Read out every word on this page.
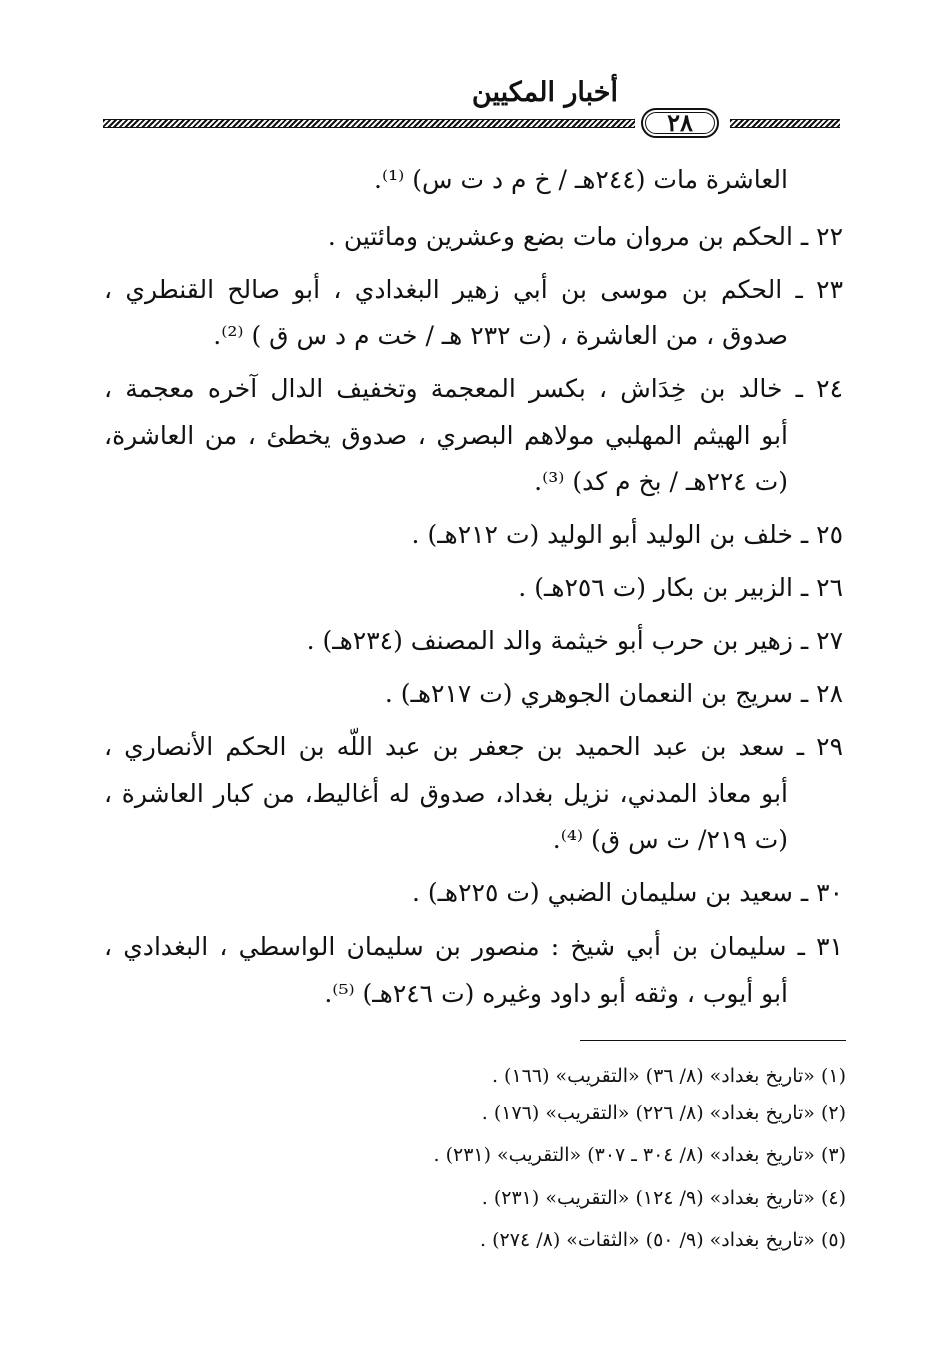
أخبار المكيين
٢٨
العاشرة مات (٢٤٤هـ / خ م د ت س) ⁽¹⁾.
٢٢ ـ الحكم بن مروان مات بضع وعشرين ومائتين .
٢٣ ـ الحكم بن موسى بن أبي زهير البغدادي ، أبو صالح القنطري ،
صدوق ، من العاشرة ، (ت ٢٣٢ هـ / خت م د س ق ) ⁽²⁾.
٢٤ ـ خالد بن خِدَاش ، بكسر المعجمة وتخفيف الدال آخره معجمة ،
أبو الهيثم المهلبي مولاهم البصري ، صدوق يخطئ ، من العاشرة،
(ت ٢٢٤هـ / بخ م كد) ⁽³⁾.
٢٥ ـ خلف بن الوليد أبو الوليد (ت ٢١٢هـ) .
٢٦ ـ الزبير بن بكار (ت ٢٥٦هـ) .
٢٧ ـ زهير بن حرب أبو خيثمة والد المصنف (٢٣٤هـ) .
٢٨ ـ سريج بن النعمان الجوهري (ت ٢١٧هـ) .
٢٩ ـ سعد بن عبد الحميد بن جعفر بن عبد اللّه بن الحكم الأنصاري ،
أبو معاذ المدني، نزيل بغداد، صدوق له أغاليط، من كبار العاشرة ،
(ت ٢١٩/ ت س ق) ⁽⁴⁾.
٣٠ ـ سعيد بن سليمان الضبي (ت ٢٢٥هـ) .
٣١ ـ سليمان بن أبي شيخ : منصور بن سليمان الواسطي ، البغدادي ،
أبو أيوب ، وثقه أبو داود وغيره (ت ٢٤٦هـ) ⁽⁵⁾.
(١) «تاريخ بغداد» (٨/ ٣٦) «التقريب» (١٦٦) .
(٢) «تاريخ بغداد» (٨/ ٢٢٦) «التقريب» (١٧٦) .
(٣) «تاريخ بغداد» (٨/ ٣٠٤ ـ ٣٠٧) «التقريب» (٢٣١) .
(٤) «تاريخ بغداد» (٩/ ١٢٤) «التقريب» (٢٣١) .
(٥) «تاريخ بغداد» (٩/ ٥٠) «الثقات» (٨/ ٢٧٤) .
